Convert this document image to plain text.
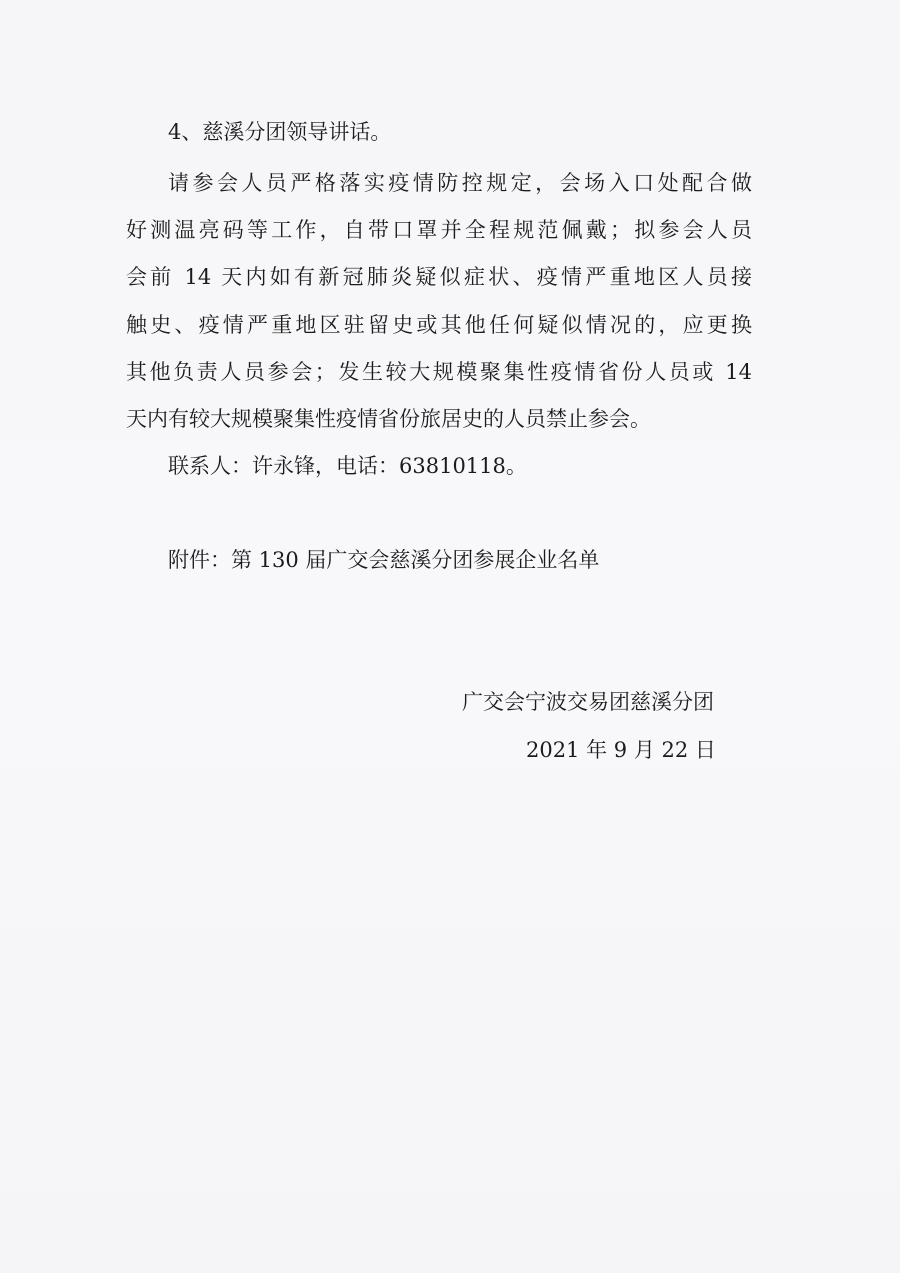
4、慈溪分团领导讲话。
请参会人员严格落实疫情防控规定，会场入口处配合做
好测温亮码等工作，自带口罩并全程规范佩戴；拟参会人员
会前 14 天内如有新冠肺炎疑似症状、疫情严重地区人员接
触史、疫情严重地区驻留史或其他任何疑似情况的，应更换
其他负责人员参会；发生较大规模聚集性疫情省份人员或 14
天内有较大规模聚集性疫情省份旅居史的人员禁止参会。
联系人：许永锋，电话：63810118。
附件：第 130 届广交会慈溪分团参展企业名单
广交会宁波交易团慈溪分团
2021 年 9 月 22 日
